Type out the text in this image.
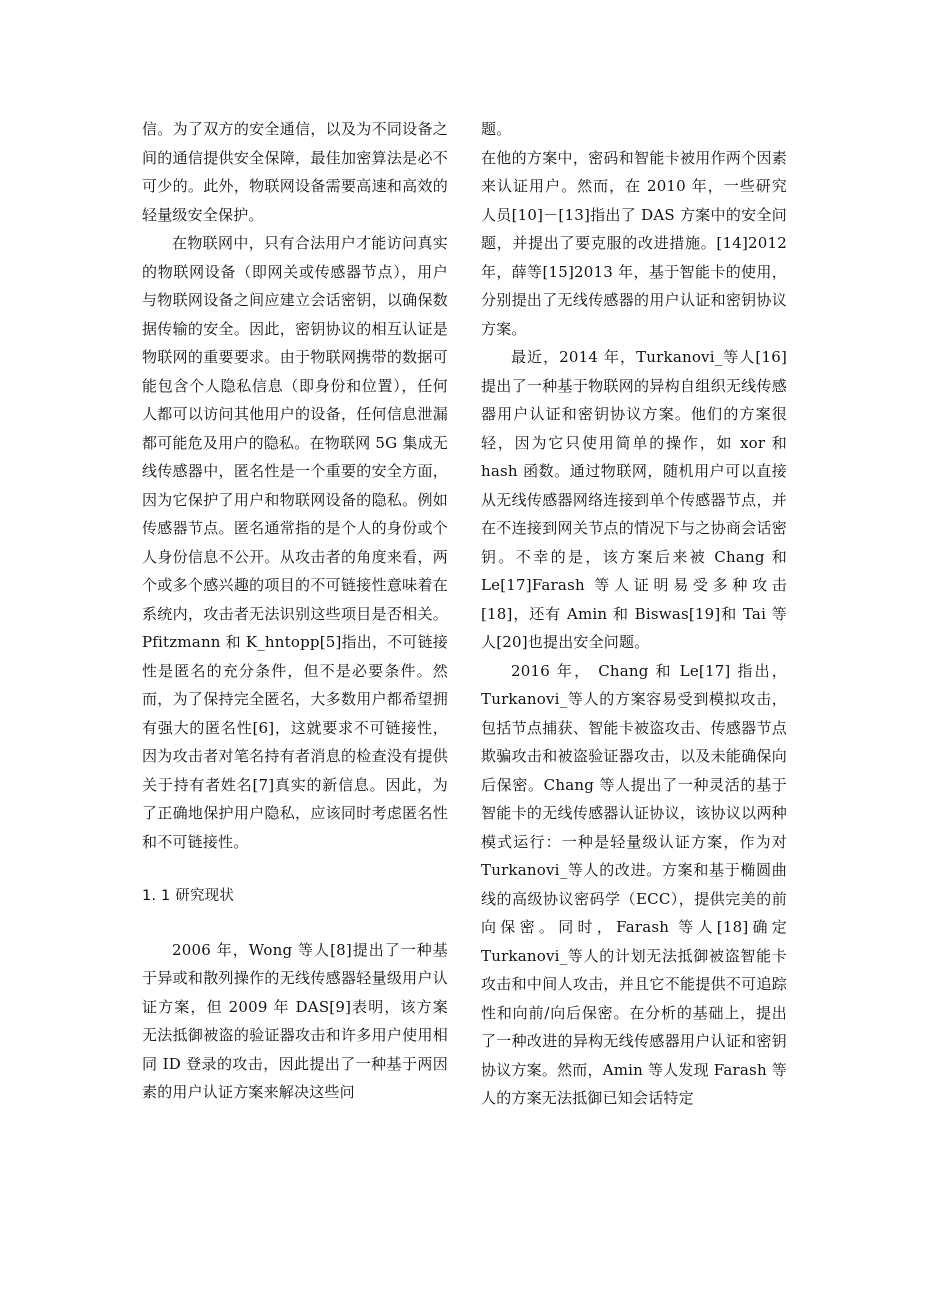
信。为了双方的安全通信，以及为不同设备之间的通信提供安全保障，最佳加密算法是必不可少的。此外，物联网设备需要高速和高效的轻量级安全保护。

在物联网中，只有合法用户才能访问真实的物联网设备（即网关或传感器节点），用户与物联网设备之间应建立会话密钥，以确保数据传输的安全。因此，密钥协议的相互认证是物联网的重要要求。由于物联网携带的数据可能包含个人隐私信息（即身份和位置），任何人都可以访问其他用户的设备，任何信息泄漏都可能危及用户的隐私。在物联网 5G 集成无线传感器中，匿名性是一个重要的安全方面，因为它保护了用户和物联网设备的隐私。例如传感器节点。匿名通常指的是个人的身份或个人身份信息不公开。从攻击者的角度来看，两个或多个感兴趣的项目的不可链接性意味着在系统内，攻击者无法识别这些项目是否相关。Pfitzmann 和 K_hntopp[5]指出，不可链接性是匿名的充分条件，但不是必要条件。然而，为了保持完全匿名，大多数用户都希望拥有强大的匿名性[6]，这就要求不可链接性，因为攻击者对笔名持有者消息的检查没有提供关于持有者姓名[7]真实的新信息。因此，为了正确地保护用户隐私，应该同时考虑匿名性和不可链接性。

1. 1 研究现状

2006 年，Wong 等人[8]提出了一种基于异或和散列操作的无线传感器轻量级用户认证方案，但 2009 年 DAS[9]表明，该方案无法抵御被盗的验证器攻击和许多用户使用相同 ID 登录的攻击，因此提出了一种基于两因素的用户认证方案来解决这些问

题。

在他的方案中，密码和智能卡被用作两个因素来认证用户。然而，在 2010 年，一些研究人员[10]－[13]指出了 DAS 方案中的安全问题，并提出了要克服的改进措施。[14]2012 年，薛等[15]2013 年，基于智能卡的使用，分别提出了无线传感器的用户认证和密钥协议方案。

最近，2014 年，Turkanovi_等人[16]提出了一种基于物联网的异构自组织无线传感器用户认证和密钥协议方案。他们的方案很轻，因为它只使用简单的操作，如 xor 和 hash 函数。通过物联网，随机用户可以直接从无线传感器网络连接到单个传感器节点，并在不连接到网关节点的情况下与之协商会话密钥。不幸的是，该方案后来被 Chang 和 Le[17]Farash 等人证明易受多种攻击[18]，还有 Amin 和 Biswas[19]和 Tai 等人[20]也提出安全问题。

2016 年， Chang 和 Le[17] 指出，Turkanovi_等人的方案容易受到模拟攻击，包括节点捕获、智能卡被盗攻击、传感器节点欺骗攻击和被盗验证器攻击，以及未能确保向后保密。Chang 等人提出了一种灵活的基于智能卡的无线传感器认证协议，该协议以两种模式运行：一种是轻量级认证方案，作为对 Turkanovi_等人的改进。方案和基于椭圆曲线的高级协议密码学（ECC），提供完美的前向保密。同时，Farash 等人[18]确定 Turkanovi_等人的计划无法抵御被盗智能卡攻击和中间人攻击，并且它不能提供不可追踪性和向前/向后保密。在分析的基础上，提出了一种改进的异构无线传感器用户认证和密钥协议方案。然而，Amin 等人发现 Farash 等人的方案无法抵御已知会话特定
